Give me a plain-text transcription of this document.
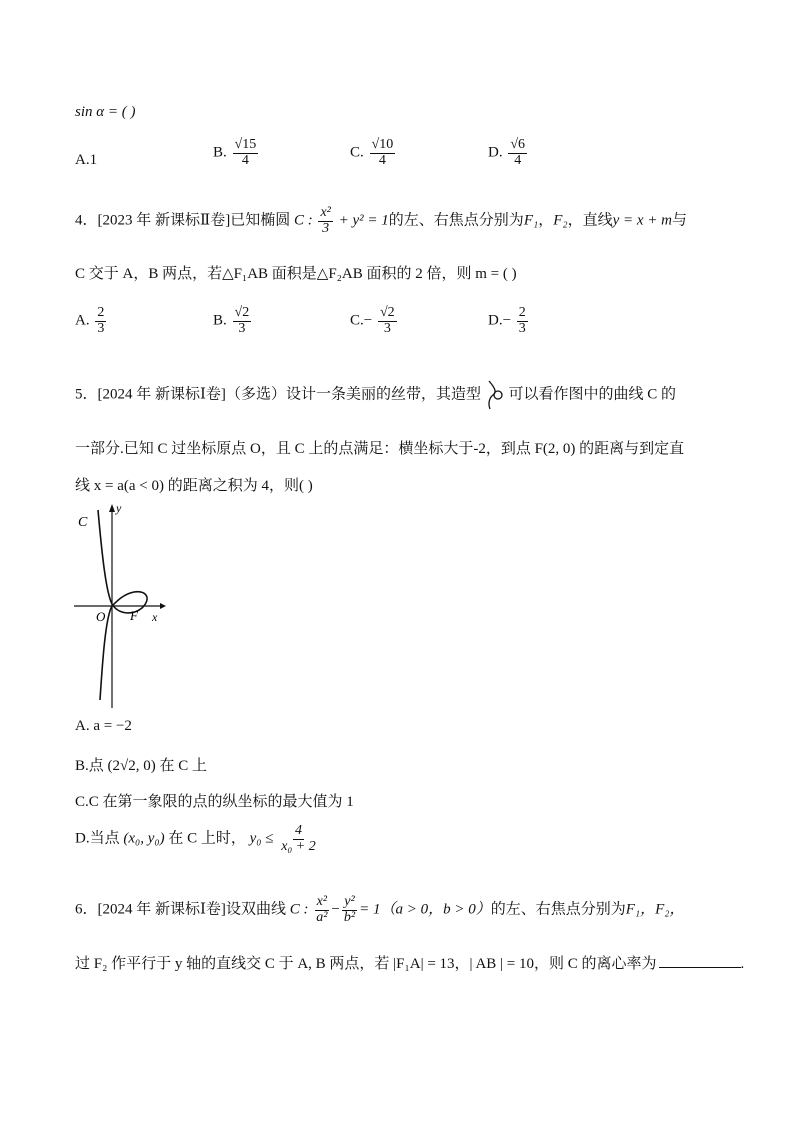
sin α = ( )
A.1	B. $\frac{√15}{4}$	C. $\frac{√10}{4}$	D. $\frac{√6}{4}$
4．[2023 年 新课标Ⅱ卷]已知椭圆 C : $\frac{\text{x²}}{3} + y^2 = 1$的左、右焦点分别为F₁，F₂，直线y = x + m与
C 交于 A，B 两点，若△F₁AB 面积是△F₂AB 面积的 2 倍，则 m = ( )
A. $\frac{2}{3}$	B. $\frac{√2}{3}$	$C.- \frac{√2}{3}$	$D.- \frac{2}{3}$
5．[2024 年 新课标Ⅰ卷]（多选）设计一条美丽的丝带，其造型 可以看作图中的曲线 C 的
一部分.已知 C 过坐标原点 O，且 C 上的点满足：横坐标大于-2，到点 F(2, 0) 的距离与到定直
线 x = a(a < 0) 的距离之积为 4，则( )
C
y
x
O F
A. a = −2
B.点 (2√2, 0) 在 C 上
C.C 在第一象限的点的纵坐标的最大值为 1
D.当点 (x₀, y₀) 在 C 上时， $y_0 \le \frac{4}{\text{x₀ + 2}}$
6．[2024 年 新课标Ⅰ卷]设双曲线 C : $\frac{\text{x²}}{\text{a²}} - \frac{\text{y²}}{\text{b²}} = 1(a > 0$，b > 0）的左、右焦点分别为F₁，F₂，
过 F₂ 作平行于 y 轴的直线交 C 于 A, B 两点，若 |F₁A| = 13，| AB | = 10，则 C 的离心率为	.
